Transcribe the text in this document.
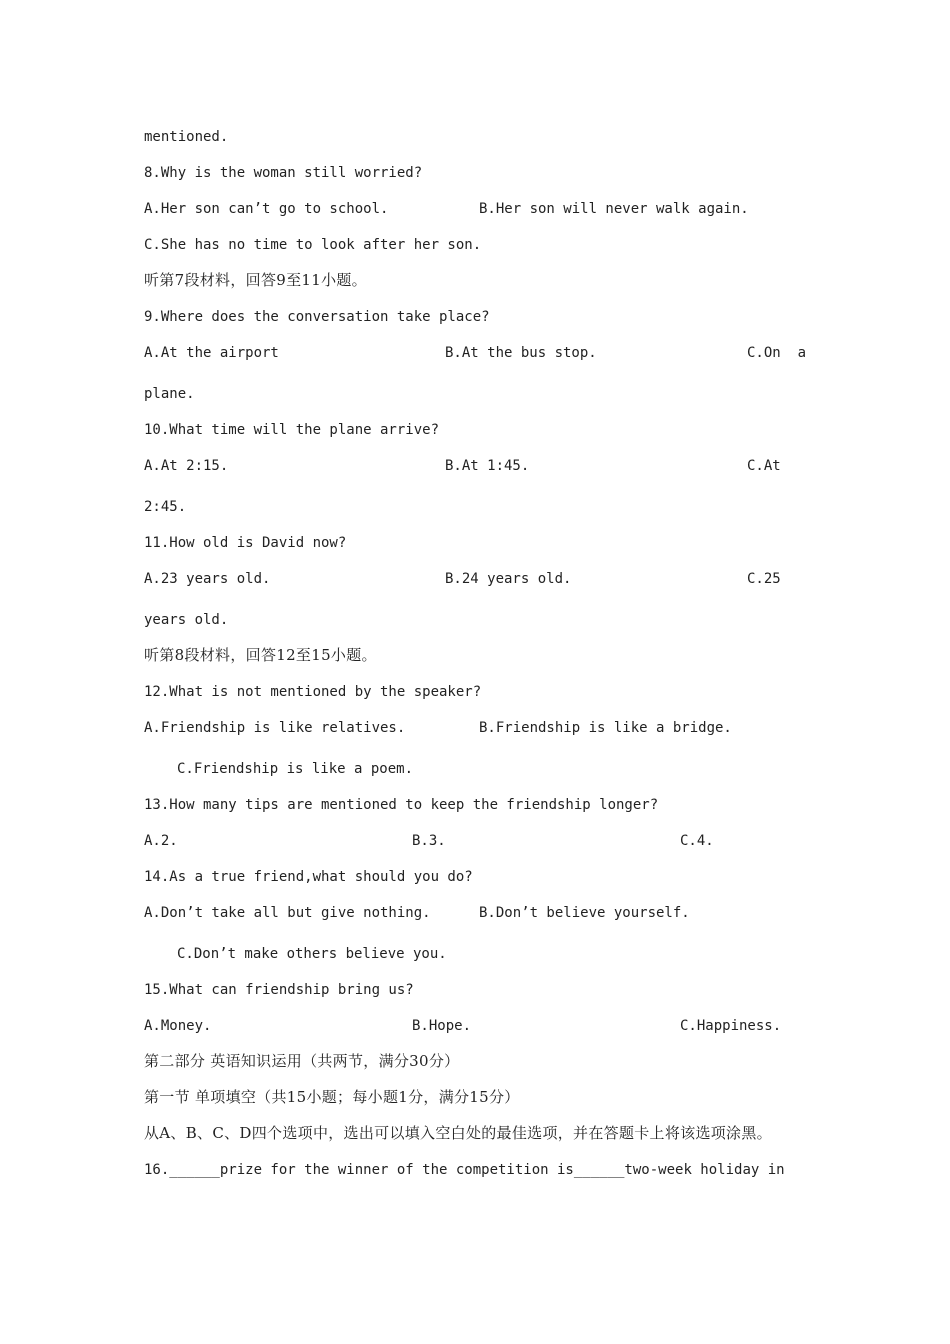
mentioned.
8.Why is the woman still worried?
A.Her son can’t go to school.	B.Her son will never walk again.
C.She has no time to look after her son.
听第7段材料，回答9至11小题。
9.Where does the conversation take place?
A.At the airport	B.At the bus stop.	C.On  a
plane.
10.What time will the plane arrive?
A.At 2:15.	B.At 1:45.	C.At
2:45.
11.How old is David now?
A.23 years old.	B.24 years old.	C.25
years old.
听第8段材料，回答12至15小题。
12.What is not mentioned by the speaker?
A.Friendship is like relatives.	B.Friendship is like a bridge.
C.Friendship is like a poem.
13.How many tips are mentioned to keep the friendship longer?
A.2.	B.3.	C.4.
14.As a true friend,what should you do?
A.Don’t take all but give nothing.	B.Don’t believe yourself.
C.Don’t make others believe you.
15.What can friendship bring us?
A.Money.	B.Hope.	C.Happiness.
第二部分 英语知识运用（共两节，满分30分）
第一节 单项填空（共15小题；每小题1分，满分15分）
从A、B、C、D四个选项中，选出可以填入空白处的最佳选项，并在答题卡上将该选项涂黑。
16.______prize for the winner of the competition is______two-week holiday in
